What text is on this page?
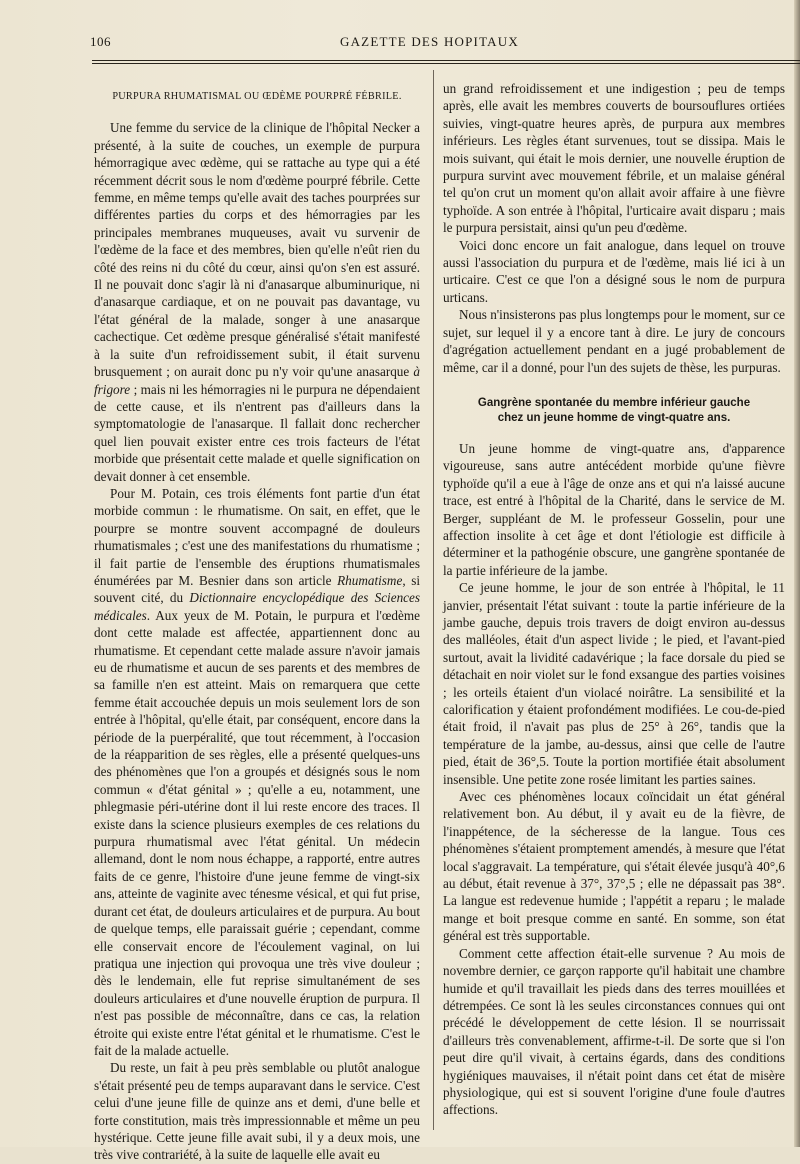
106	GAZETTE DES HOPITAUX
PURPURA RHUMATISMAL OU ŒDÈME POURPRÉ FÉBRILE.

Une femme du service de la clinique de l'hôpital Necker a présenté, à la suite de couches, un exemple de purpura hémorragique avec œdème, qui se rattache au type qui a été récemment décrit sous le nom d'œdème pourpré fébrile. Cette femme, en même temps qu'elle avait des taches pourprées sur différentes parties du corps et des hémorragies par les principales membranes muqueuses, avait vu survenir de l'œdème de la face et des membres, bien qu'elle n'eût rien du côté des reins ni du côté du cœur, ainsi qu'on s'en est assuré. Il ne pouvait donc s'agir là ni d'anasarque albuminurique, ni d'anasarque cardiaque, et on ne pouvait pas davantage, vu l'état général de la malade, songer à une anasarque cachectique. Cet œdème presque généralisé s'était manifesté à la suite d'un refroidissement subit, il était survenu brusquement ; on aurait donc pu n'y voir qu'une anasarque à frigore ; mais ni les hémorragies ni le purpura ne dépendaient de cette cause, et ils n'entrent pas d'ailleurs dans la symptomatologie de l'anasarque. Il fallait donc rechercher quel lien pouvait exister entre ces trois facteurs de l'état morbide que présentait cette malade et quelle signification on devait donner à cet ensemble.

Pour M. Potain, ces trois éléments font partie d'un état morbide commun : le rhumatisme. On sait, en effet, que le pourpre se montre souvent accompagné de douleurs rhumatismales ; c'est une des manifestations du rhumatisme ; il fait partie de l'ensemble des éruptions rhumatismales énumérées par M. Besnier dans son article Rhumatisme, si souvent cité, du Dictionnaire encyclopédique des Sciences médicales. Aux yeux de M. Potain, le purpura et l'œdème dont cette malade est affectée, appartiennent donc au rhumatisme. Et cependant cette malade assure n'avoir jamais eu de rhumatisme et aucun de ses parents et des membres de sa famille n'en est atteint. Mais on remarquera que cette femme était accouchée depuis un mois seulement lors de son entrée à l'hôpital, qu'elle était, par conséquent, encore dans la période de la puerpéralité, que tout récemment, à l'occasion de la réapparition de ses règles, elle a présenté quelques-uns des phénomènes que l'on a groupés et désignés sous le nom commun « d'état génital » ; qu'elle a eu, notamment, une phlegmasie péri-utérine dont il lui reste encore des traces. Il existe dans la science plusieurs exemples de ces relations du purpura rhumatismal avec l'état génital. Un médecin allemand, dont le nom nous échappe, a rapporté, entre autres faits de ce genre, l'histoire d'une jeune femme de vingt-six ans, atteinte de vaginite avec ténesme vésical, et qui fut prise, durant cet état, de douleurs articulaires et de purpura. Au bout de quelque temps, elle paraissait guérie ; cependant, comme elle conservait encore de l'écoulement vaginal, on lui pratiqua une injection qui provoqua une très vive douleur ; dès le lendemain, elle fut reprise simultanément de ses douleurs articulaires et d'une nouvelle éruption de purpura. Il n'est pas possible de méconnaître, dans ce cas, la relation étroite qui existe entre l'état génital et le rhumatisme. C'est le fait de la malade actuelle.

Du reste, un fait à peu près semblable ou plutôt analogue s'était présenté peu de temps auparavant dans le service. C'est celui d'une jeune fille de quinze ans et demi, d'une belle et forte constitution, mais très impressionnable et même un peu hystérique. Cette jeune fille avait subi, il y a deux mois, une très vive contrariété, à la suite de laquelle elle avait eu

un grand refroidissement et une indigestion ; peu de temps après, elle avait les membres couverts de boursouflures ortiées suivies, vingt-quatre heures après, de purpura aux membres inférieurs. Les règles étant survenues, tout se dissipa. Mais le mois suivant, qui était le mois dernier, une nouvelle éruption de purpura survint avec mouvement fébrile, et un malaise général tel qu'on crut un moment qu'on allait avoir affaire à une fièvre typhoïde. A son entrée à l'hôpital, l'urticaire avait disparu ; mais le purpura persistait, ainsi qu'un peu d'œdème.

Voici donc encore un fait analogue, dans lequel on trouve aussi l'association du purpura et de l'œdème, mais lié ici à un urticaire. C'est ce que l'on a désigné sous le nom de purpura urticans.

Nous n'insisterons pas plus longtemps pour le moment, sur ce sujet, sur lequel il y a encore tant à dire. Le jury de concours d'agrégation actuellement pendant en a jugé probablement de même, car il a donné, pour l'un des sujets de thèse, les purpuras.

Gangrène spontanée du membre inférieur gauche
chez un jeune homme de vingt-quatre ans.

Un jeune homme de vingt-quatre ans, d'apparence vigoureuse, sans autre antécédent morbide qu'une fièvre typhoïde qu'il a eue à l'âge de onze ans et qui n'a laissé aucune trace, est entré à l'hôpital de la Charité, dans le service de M. Berger, suppléant de M. le professeur Gosselin, pour une affection insolite à cet âge et dont l'étiologie est difficile à déterminer et la pathogénie obscure, une gangrène spontanée de la partie inférieure de la jambe.

Ce jeune homme, le jour de son entrée à l'hôpital, le 11 janvier, présentait l'état suivant : toute la partie inférieure de la jambe gauche, depuis trois travers de doigt environ au-dessus des malléoles, était d'un aspect livide ; le pied, et l'avant-pied surtout, avait la lividité cadavérique ; la face dorsale du pied se détachait en noir violet sur le fond exsangue des parties voisines ; les orteils étaient d'un violacé noirâtre. La sensibilité et la calorification y étaient profondément modifiées. Le cou-de-pied était froid, il n'avait pas plus de 25° à 26°, tandis que la température de la jambe, au-dessus, ainsi que celle de l'autre pied, était de 36°,5. Toute la portion mortifiée était absolument insensible. Une petite zone rosée limitant les parties saines.

Avec ces phénomènes locaux coïncidait un état général relativement bon. Au début, il y avait eu de la fièvre, de l'inappétence, de la sécheresse de la langue. Tous ces phénomènes s'étaient promptement amendés, à mesure que l'état local s'aggravait. La température, qui s'était élevée jusqu'à 40°,6 au début, était revenue à 37°, 37°,5 ; elle ne dépassait pas 38°. La langue est redevenue humide ; l'appétit a reparu ; le malade mange et boit presque comme en santé. En somme, son état général est très supportable.

Comment cette affection était-elle survenue ? Au mois de novembre dernier, ce garçon rapporte qu'il habitait une chambre humide et qu'il travaillait les pieds dans des terres mouillées et détrempées. Ce sont là les seules circonstances connues qui ont précédé le développement de cette lésion. Il se nourrissait d'ailleurs très convenablement, affirme-t-il. De sorte que si l'on peut dire qu'il vivait, à certains égards, dans des conditions hygiéniques mauvaises, il n'était point dans cet état de misère physiologique, qui est si souvent l'origine d'une foule d'autres affections.
